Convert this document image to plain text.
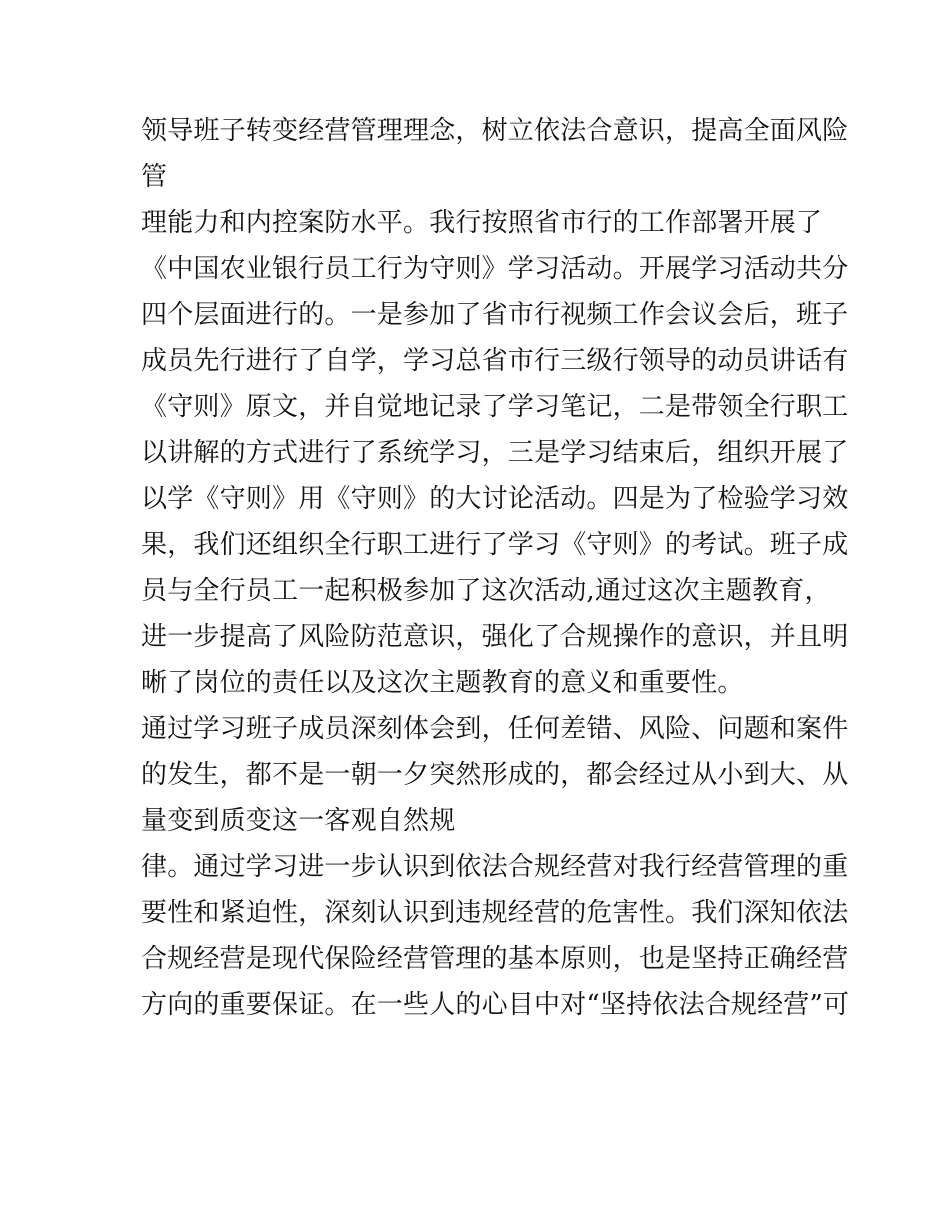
领导班子转变经营管理理念，树立依法合意识，提高全面风险
管
理能力和内控案防水平。我行按照省市行的工作部署开展了
《中国农业银行员工行为守则》学习活动。开展学习活动共分
四个层面进行的。一是参加了省市行视频工作会议会后，班子
成员先行进行了自学，学习总省市行三级行领导的动员讲话有
《守则》原文，并自觉地记录了学习笔记，二是带领全行职工
以讲解的方式进行了系统学习，三是学习结束后，组织开展了
以学《守则》用《守则》的大讨论活动。四是为了检验学习效
果，我们还组织全行职工进行了学习《守则》的考试。班子成
员与全行员工一起积极参加了这次活动,通过这次主题教育，
进一步提高了风险防范意识，强化了合规操作的意识，并且明
晰了岗位的责任以及这次主题教育的意义和重要性。
通过学习班子成员深刻体会到，任何差错、风险、问题和案件
的发生，都不是一朝一夕突然形成的，都会经过从小到大、从
量变到质变这一客观自然规
律。通过学习进一步认识到依法合规经营对我行经营管理的重
要性和紧迫性，深刻认识到违规经营的危害性。我们深知依法
合规经营是现代保险经营管理的基本原则，也是坚持正确经营
方向的重要保证。在一些人的心目中对“坚持依法合规经营”可
